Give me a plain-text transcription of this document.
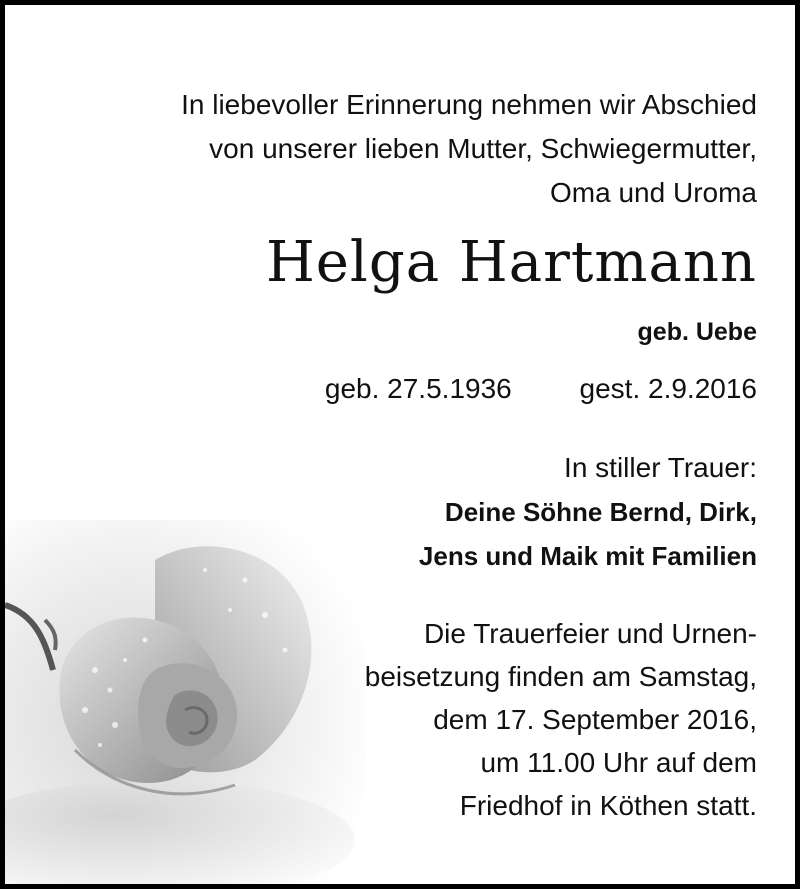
In liebevoller Erinnerung nehmen wir Abschied
von unserer lieben Mutter, Schwiegermutter,
Oma und Uroma
Helga Hartmann
geb. Uebe
geb. 27.5.1936 gest. 2.9.2016
In stiller Trauer:
Deine Söhne Bernd, Dirk,
Jens und Maik mit Familien
Die Trauerfeier und Urnen-
beisetzung finden am Samstag,
dem 17. September 2016,
um 11.00 Uhr auf dem
Friedhof in Köthen statt.
